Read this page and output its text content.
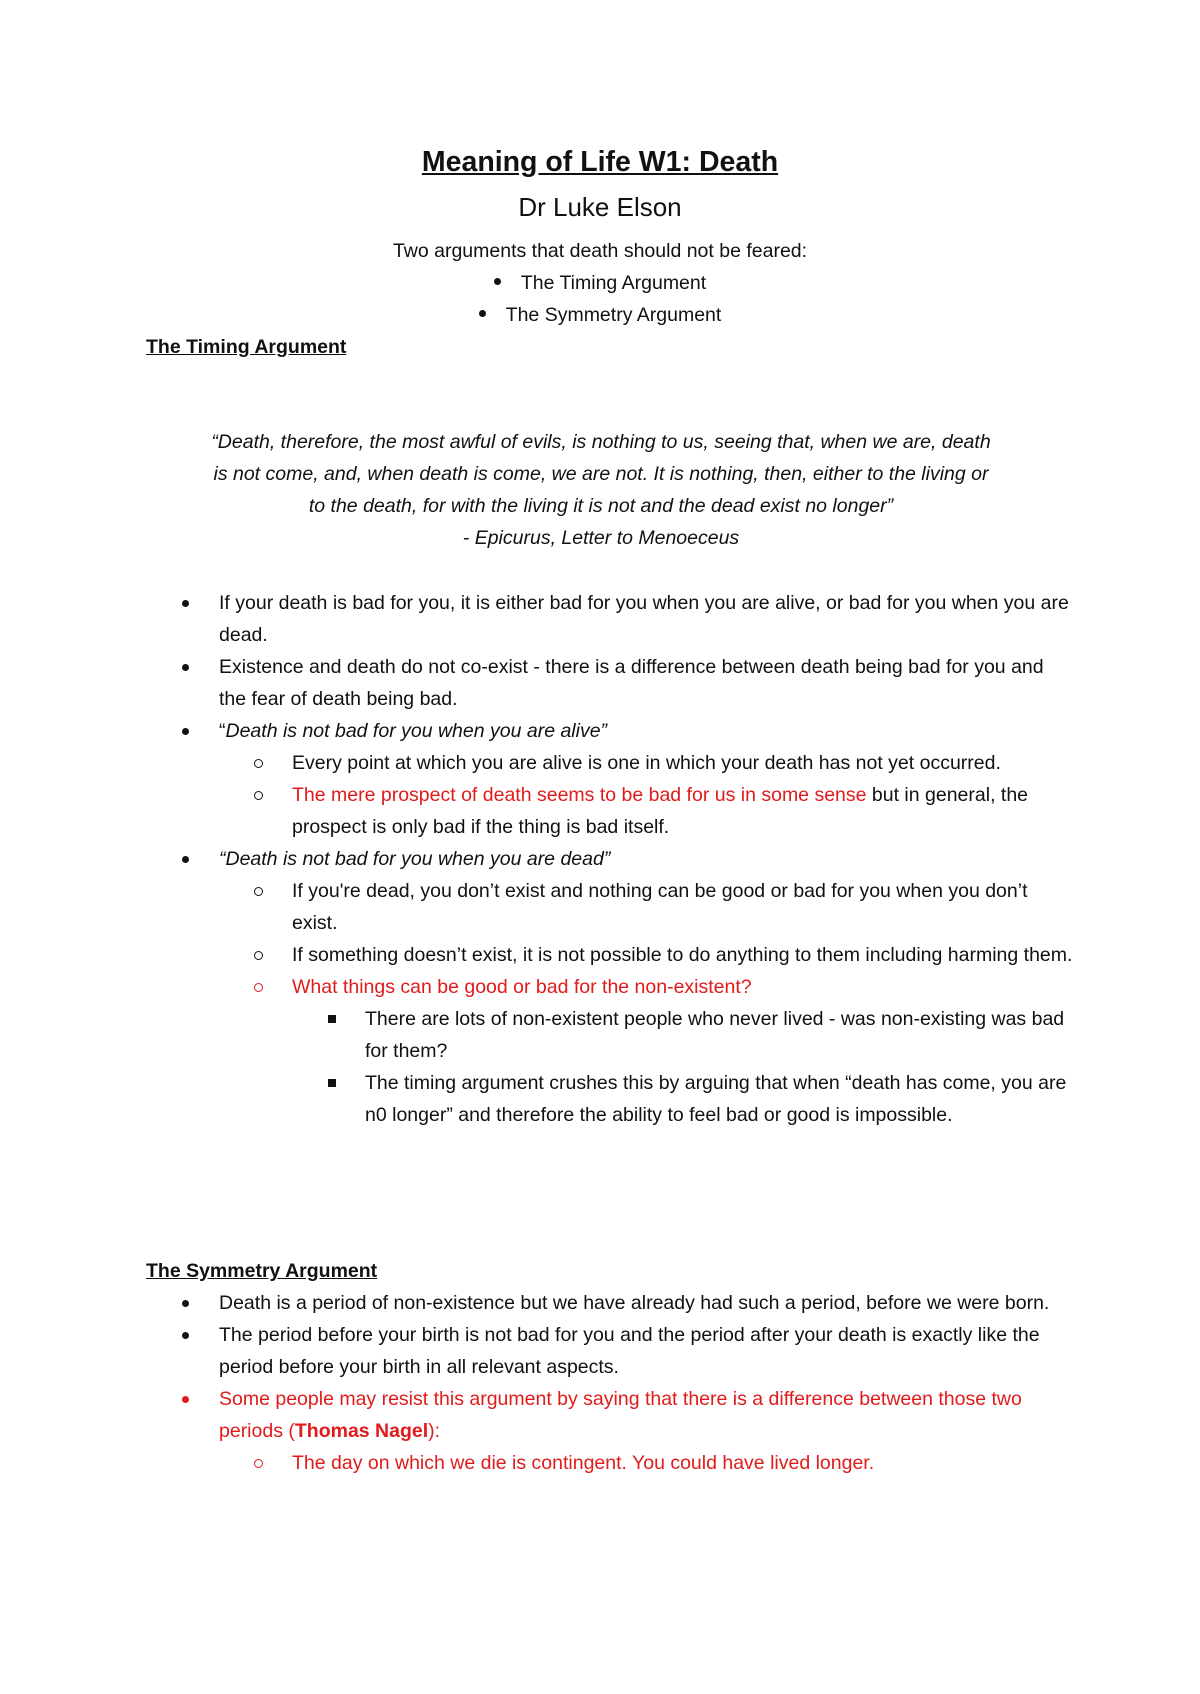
Meaning of Life W1: Death
Dr Luke Elson
Two arguments that death should not be feared:
The Timing Argument
The Symmetry Argument
The Timing Argument
“Death, therefore, the most awful of evils, is nothing to us, seeing that, when we are, death
is not come, and, when death is come, we are not. It is nothing, then, either to the living or
to the death, for with the living it is not and the dead exist no longer”
- Epicurus, Letter to Menoeceus

If your death is bad for you, it is either bad for you when you are alive, or bad for you when you are dead.

Existence and death do not co-exist - there is a difference between death being bad for you and the fear of death being bad.

“Death is not bad for you when you are alive”

Every point at which you are alive is one in which your death has not yet occurred.

The mere prospect of death seems to be bad for us in some sense but in general, the prospect is only bad if the thing is bad itself.

“Death is not bad for you when you are dead”

If you're dead, you don’t exist and nothing can be good or bad for you when you don’t exist.

If something doesn’t exist, it is not possible to do anything to them including harming them.

What things can be good or bad for the non-existent?

There are lots of non-existent people who never lived - was non-existing was bad for them?

The timing argument crushes this by arguing that when “death has come, you are n0 longer” and therefore the ability to feel bad or good is impossible.

The Symmetry Argument

Death is a period of non-existence but we have already had such a period, before we were born.

The period before your birth is not bad for you and the period after your death is exactly like the period before your birth in all relevant aspects.

Some people may resist this argument by saying that there is a difference between those two periods (Thomas Nagel):

The day on which we die is contingent. You could have lived longer.
